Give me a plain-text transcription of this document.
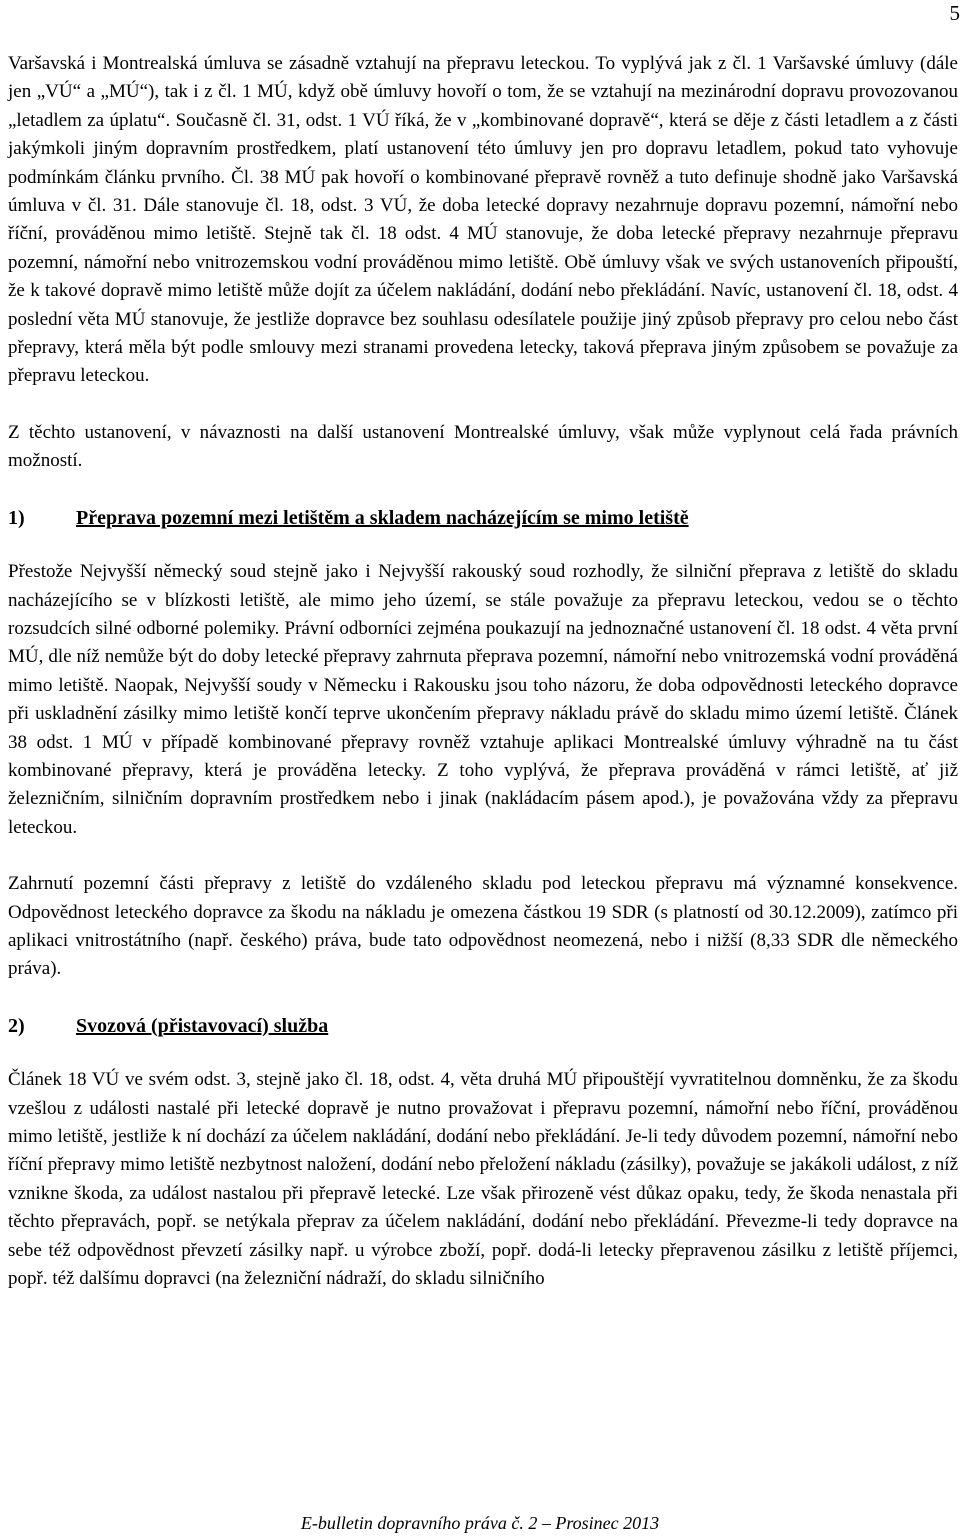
5

Varšavská i Montrealská úmluva se zásadně vztahují na přepravu leteckou. To vyplývá jak z čl. 1 Varšavské úmluvy (dále jen „VÚ“ a „MÚ“), tak i z čl. 1 MÚ, když obě úmluvy hovoří o tom, že se vztahují na mezinárodní dopravu provozovanou „letadlem za úplatu“. Současně čl. 31, odst. 1 VÚ říká, že v „kombinované dopravě“, která se děje z části letadlem a z části jakýmkoli jiným dopravním prostředkem, platí ustanovení této úmluvy jen pro dopravu letadlem, pokud tato vyhovuje podmínkám článku prvního. Čl. 38 MÚ pak hovoří o kombinované přepravě rovněž a tuto definuje shodně jako Varšavská úmluva v čl. 31. Dále stanovuje čl. 18, odst. 3 VÚ, že doba letecké dopravy nezahrnuje dopravu pozemní, námořní nebo říční, prováděnou mimo letiště. Stejně tak čl. 18 odst. 4 MÚ stanovuje, že doba letecké přepravy nezahrnuje přepravu pozemní, námořní nebo vnitrozemskou vodní prováděnou mimo letiště. Obě úmluvy však ve svých ustanoveních připouští, že k takové dopravě mimo letiště může dojít za účelem nakládání, dodání nebo překládání. Navíc, ustanovení čl. 18, odst. 4 poslední věta MÚ stanovuje, že jestliže dopravce bez souhlasu odesílatele použije jiný způsob přepravy pro celou nebo část přepravy, která měla být podle smlouvy mezi stranami provedena letecky, taková přeprava jiným způsobem se považuje za přepravu leteckou.

Z těchto ustanovení, v návaznosti na další ustanovení Montrealské úmluvy, však může vyplynout celá řada právních možností.

1)	Přeprava pozemní mezi letištěm a skladem nacházejícím se mimo letiště

Přestože Nejvyšší německý soud stejně jako i Nejvyšší rakouský soud rozhodly, že silniční přeprava z letiště do skladu nacházejícího se v blízkosti letiště, ale mimo jeho území, se stále považuje za přepravu leteckou, vedou se o těchto rozsudcích silné odborné polemiky. Právní odborníci zejména poukazují na jednoznačné ustanovení čl. 18 odst. 4 věta první MÚ, dle níž nemůže být do doby letecké přepravy zahrnuta přeprava pozemní, námořní nebo vnitrozemská vodní prováděná mimo letiště. Naopak, Nejvyšší soudy v Německu i Rakousku jsou toho názoru, že doba odpovědnosti leteckého dopravce při uskladnění zásilky mimo letiště končí teprve ukončením přepravy nákladu právě do skladu mimo území letiště. Článek 38 odst. 1 MÚ v případě kombinované přepravy rovněž vztahuje aplikaci Montrealské úmluvy výhradně na tu část kombinované přepravy, která je prováděna letecky. Z toho vyplývá, že přeprava prováděná v rámci letiště, ať již železničním, silničním dopravním prostředkem nebo i jinak (nakládacím pásem apod.), je považována vždy za přepravu leteckou.

Zahrnutí pozemní části přepravy z letiště do vzdáleného skladu pod leteckou přepravu má významné konsekvence. Odpovědnost leteckého dopravce za škodu na nákladu je omezena částkou 19 SDR (s platností od 30.12.2009), zatímco při aplikaci vnitrostátního (např. českého) práva, bude tato odpovědnost neomezená, nebo i nižší (8,33 SDR dle německého práva).

2)	Svozová (přistavovací) služba

Článek 18 VÚ ve svém odst. 3, stejně jako čl. 18, odst. 4, věta druhá MÚ připouštějí vyvratitelnou domněnku, že za škodu vzešlou z události nastalé při letecké dopravě je nutno provažovat i přepravu pozemní, námořní nebo říční, prováděnou mimo letiště, jestliže k ní dochází za účelem nakládání, dodání nebo překládání. Je-li tedy důvodem pozemní, námořní nebo říční přepravy mimo letiště nezbytnost naložení, dodání nebo přeložení nákladu (zásilky), považuje se jakákoli událost, z níž vznikne škoda, za událost nastalou při přepravě letecké. Lze však přirozeně vést důkaz opaku, tedy, že škoda nenastala při těchto přepravách, popř. se netýkala přeprav za účelem nakládání, dodání nebo překládání. Převezme-li tedy dopravce na sebe též odpovědnost převzetí zásilky např. u výrobce zboží, popř. dodá-li letecky přepravenou zásilku z letiště příjemci, popř. též dalšímu dopravci (na železniční nádraží, do skladu silničního

E-bulletin dopravního práva č. 2 – Prosinec 2013
